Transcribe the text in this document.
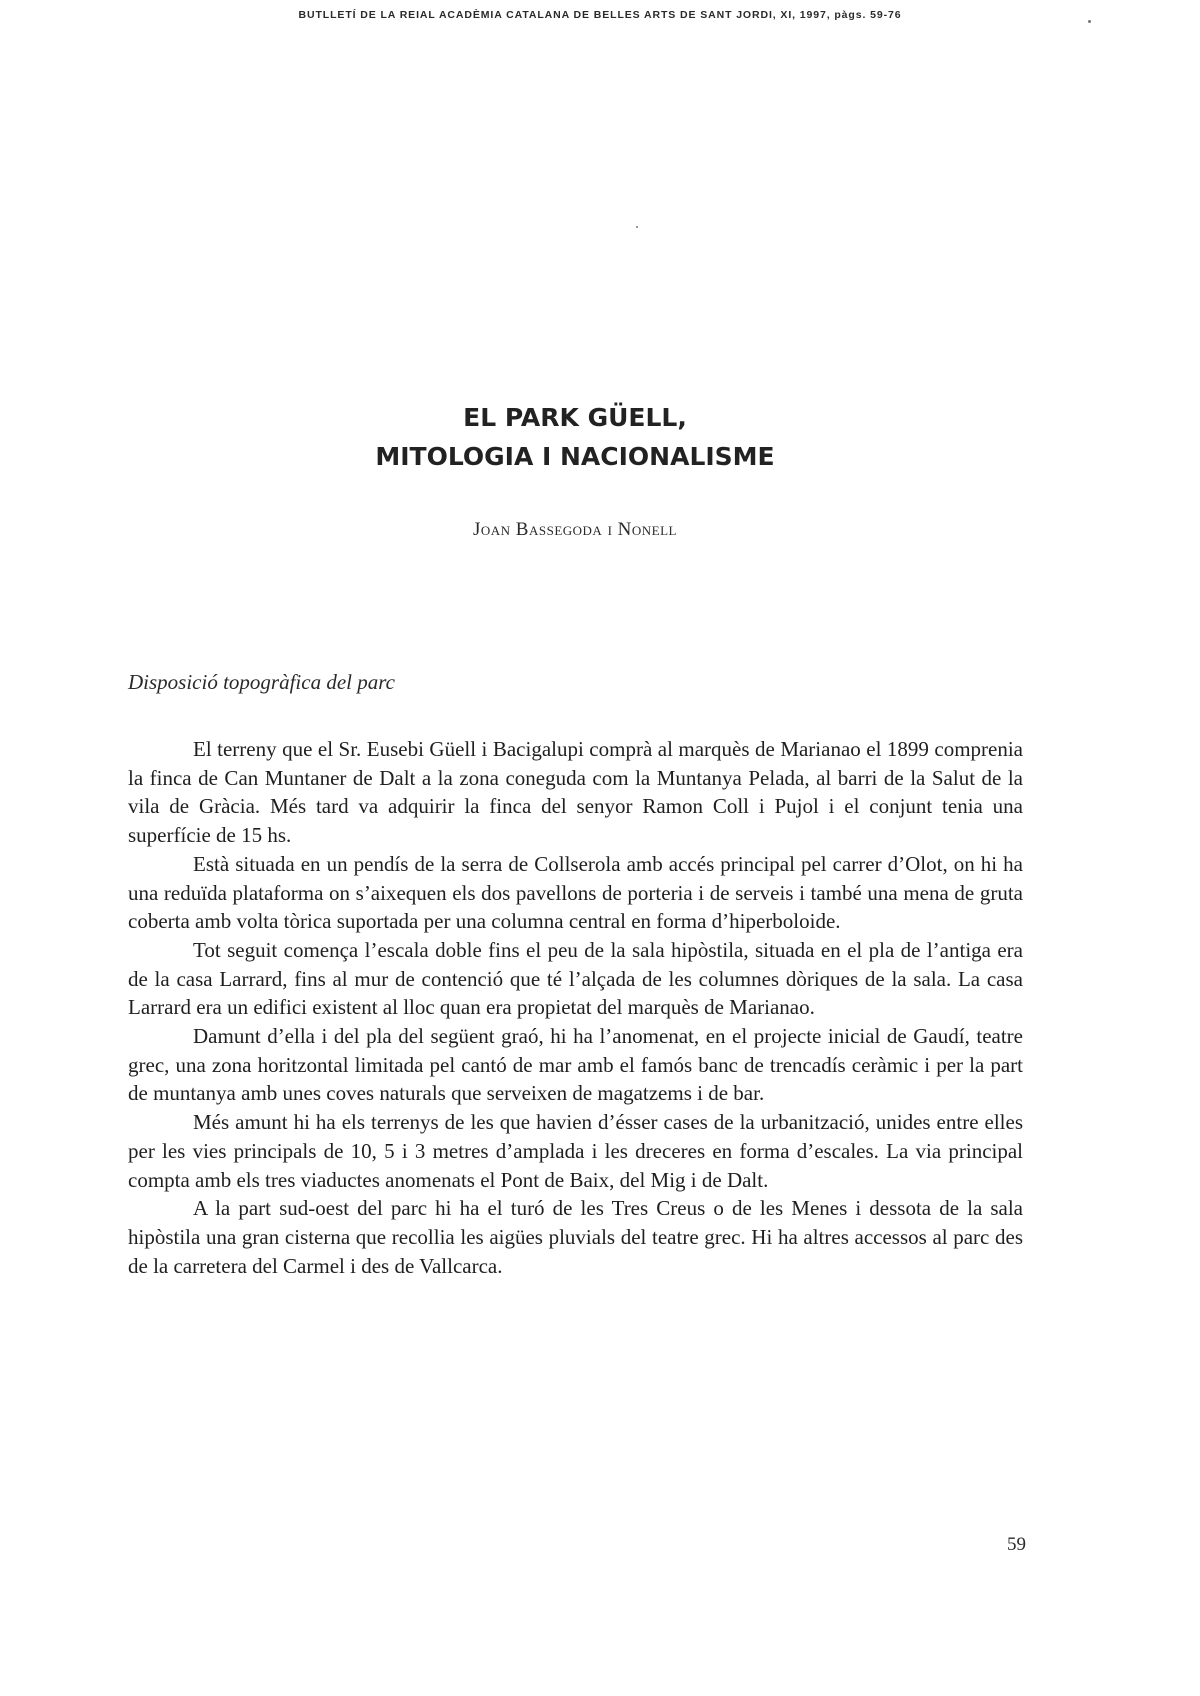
BUTLLETÍ DE LA REIAL ACADÈMIA CATALANA DE BELLES ARTS DE SANT JORDI, XI, 1997, pàgs. 59-76
EL PARK GÜELL,
MITOLOGIA I NACIONALISME
Joan Bassegoda i Nonell
Disposició topogràfica del parc

El terreny que el Sr. Eusebi Güell i Bacigalupi comprà al marquès de Marianao el 1899 comprenia la finca de Can Muntaner de Dalt a la zona coneguda com la Muntanya Pelada, al barri de la Salut de la vila de Gràcia. Més tard va adquirir la finca del senyor Ramon Coll i Pujol i el conjunt tenia una superfície de 15 hs.

Està situada en un pendís de la serra de Collserola amb accés principal pel carrer d’Olot, on hi ha una reduïda plataforma on s’aixequen els dos pavellons de porteria i de serveis i també una mena de gruta coberta amb volta tòrica suportada per una columna central en forma d’hiperboloide.

Tot seguit comença l’escala doble fins el peu de la sala hipòstila, situada en el pla de l’antiga era de la casa Larrard, fins al mur de contenció que té l’alçada de les columnes dòriques de la sala. La casa Larrard era un edifici existent al lloc quan era propietat del marquès de Marianao.

Damunt d’ella i del pla del següent graó, hi ha l’anomenat, en el projecte inicial de Gaudí, teatre grec, una zona horitzontal limitada pel cantó de mar amb el famós banc de trencadís ceràmic i per la part de muntanya amb unes coves naturals que serveixen de magatzems i de bar.

Més amunt hi ha els terrenys de les que havien d’ésser cases de la urbanització, unides entre elles per les vies principals de 10, 5 i 3 metres d’amplada i les dreceres en forma d’escales. La via principal compta amb els tres viaductes anomenats el Pont de Baix, del Mig i de Dalt.

A la part sud-oest del parc hi ha el turó de les Tres Creus o de les Menes i dessota de la sala hipòstila una gran cisterna que recollia les aigües pluvials del teatre grec. Hi ha altres accessos al parc des de la carretera del Carmel i des de Vallcarca.

59
